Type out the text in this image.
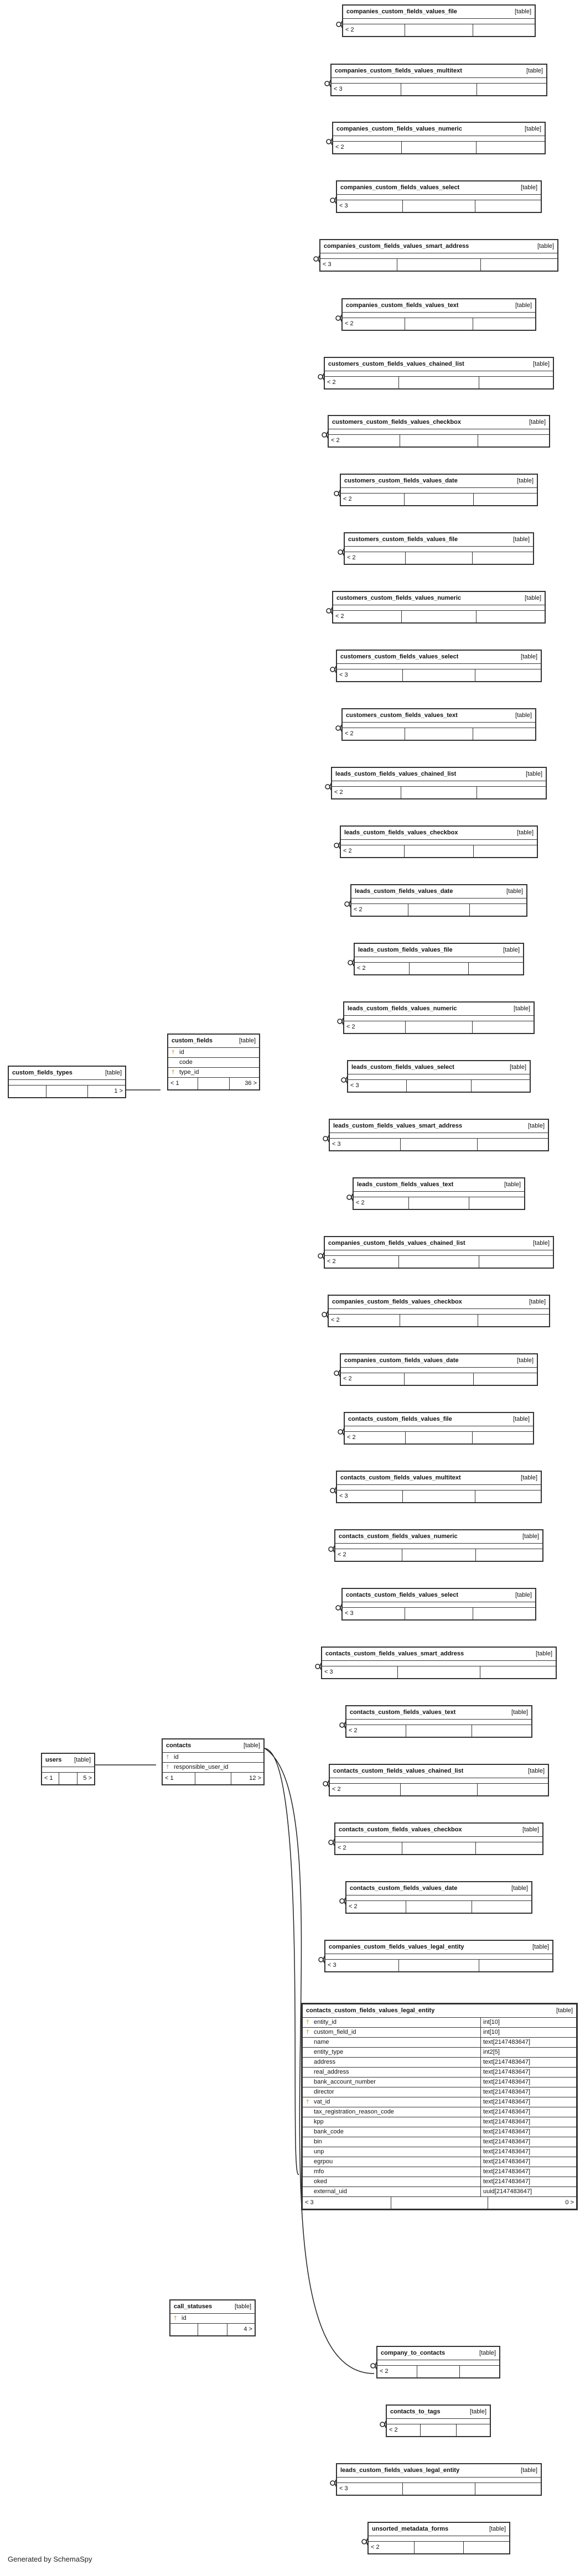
companies_custom_fields_values_file	[table]
< 2
companies_custom_fields_values_multitext	[table]
< 3
companies_custom_fields_values_numeric	[table]
< 2
companies_custom_fields_values_select	[table]
< 3
companies_custom_fields_values_smart_address	[table]
< 3
companies_custom_fields_values_text	[table]
< 2
customers_custom_fields_values_chained_list	[table]
< 2
customers_custom_fields_values_checkbox	[table]
< 2
customers_custom_fields_values_date	[table]
< 2
customers_custom_fields_values_file	[table]
< 2
customers_custom_fields_values_numeric	[table]
< 2
customers_custom_fields_values_select	[table]
< 3
customers_custom_fields_values_text	[table]
< 2
leads_custom_fields_values_chained_list	[table]
< 2
leads_custom_fields_values_checkbox	[table]
< 2
leads_custom_fields_values_date	[table]
< 2
leads_custom_fields_values_file	[table]
< 2
leads_custom_fields_values_numeric	[table]
< 2
leads_custom_fields_values_select	[table]
< 3
leads_custom_fields_values_smart_address	[table]
< 3
leads_custom_fields_values_text	[table]
< 2
companies_custom_fields_values_chained_list	[table]
< 2
companies_custom_fields_values_checkbox	[table]
< 2
companies_custom_fields_values_date	[table]
< 2
contacts_custom_fields_values_file	[table]
< 2
contacts_custom_fields_values_multitext	[table]
< 3
contacts_custom_fields_values_numeric	[table]
< 2
contacts_custom_fields_values_select	[table]
< 3
contacts_custom_fields_values_smart_address	[table]
< 3
contacts_custom_fields_values_text	[table]
< 2
contacts_custom_fields_values_chained_list	[table]
< 2
contacts_custom_fields_values_checkbox	[table]
< 2
contacts_custom_fields_values_date	[table]
< 2
companies_custom_fields_values_legal_entity	[table]
< 3
company_to_contacts	[table]
< 2
contacts_to_tags	[table]
< 2
leads_custom_fields_values_legal_entity	[table]
< 3
unsorted_metadata_forms	[table]
< 2
custom_fields_types	[table]
1 >
custom_fields	[table]
† id
code
† type_id
< 1	36 >
users [table]
< 1	5 >
contacts	[table]
† id
† responsible_user_id
< 1	12 >
call_statuses	[table]
† id
4 >
contacts_custom_fields_values_legal_entity	[table]
† entity_id	int[10]
† custom_field_id	int[10]
name	text[2147483647]
entity_type	int2[5]
address	text[2147483647]
real_address	text[2147483647]
bank_account_number	text[2147483647]
director	text[2147483647]
† vat_id	text[2147483647]
tax_registration_reason_code	text[2147483647]
kpp	text[2147483647]
bank_code	text[2147483647]
bin	text[2147483647]
unp	text[2147483647]
egrpou	text[2147483647]
mfo	text[2147483647]
oked	text[2147483647]
external_uid	uuid[2147483647]
< 3	0 >
Generated by SchemaSpy
